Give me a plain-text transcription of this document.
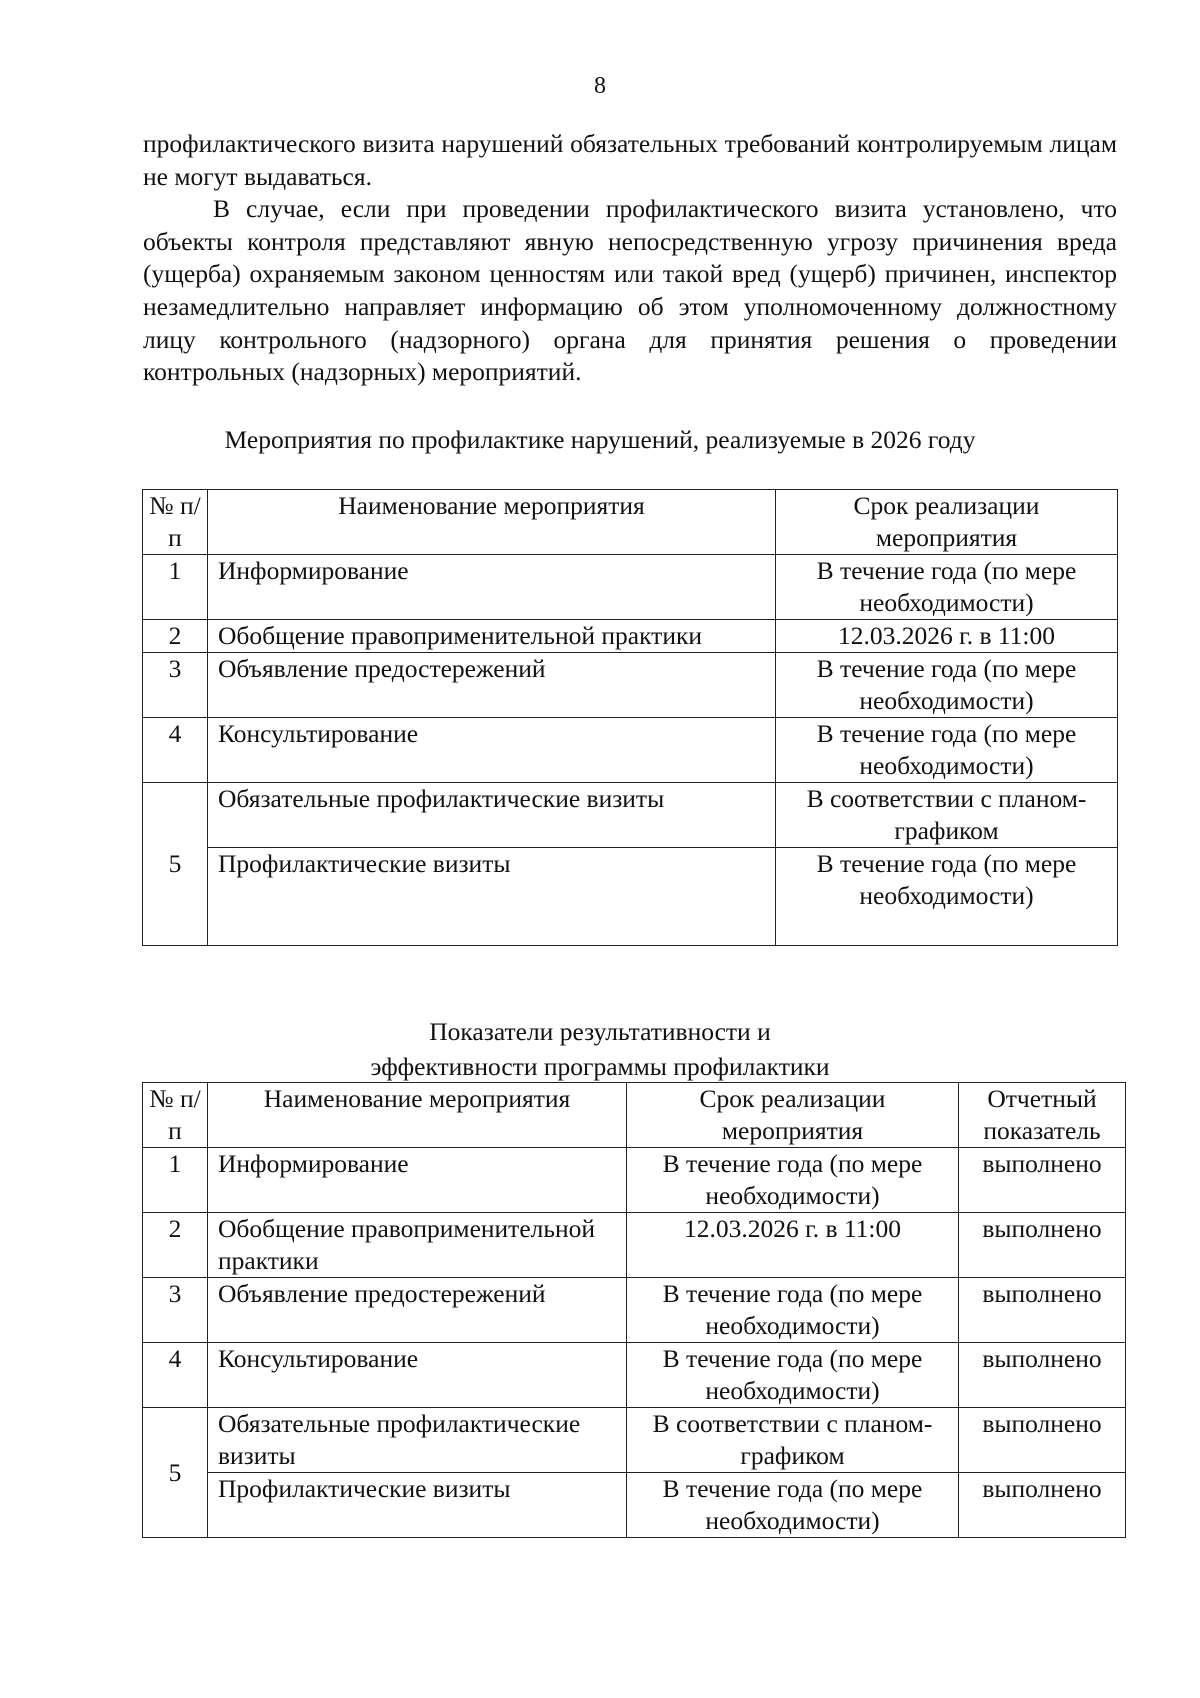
8

профилактического визита нарушений обязательных требований контролируемым лицам не могут выдаваться.

В случае, если при проведении профилактического визита установлено, что объекты контроля представляют явную непосредственную угрозу причинения вреда (ущерба) охраняемым законом ценностям или такой вред (ущерб) причинен, инспектор незамедлительно направляет информацию об этом уполномоченному должностному лицу контрольного (надзорного) органа для принятия решения о проведении контрольных (надзорных) мероприятий.

Мероприятия по профилактике нарушений, реализуемые в 2026 году
№ п/п	Наименование мероприятия	Срок реализации мероприятия
1	Информирование	В течение года (по мере необходимости)
2	Обобщение правоприменительной практики	12.03.2026 г. в 11:00
3	Объявление предостережений	В течение года (по мере необходимости)
4	Консультирование	В течение года (по мере необходимости)
5	Обязательные профилактические визиты	В соответствии с планом-графиком
	Профилактические визиты	В течение года (по мере необходимости)
Показатели результативности и
эффективности программы профилактики
№ п/п	Наименование мероприятия	Срок реализации мероприятия	Отчетный показатель
1	Информирование	В течение года (по мере необходимости)	выполнено
2	Обобщение правоприменительной практики	12.03.2026 г. в 11:00	выполнено
3	Объявление предостережений	В течение года (по мере необходимости)	выполнено
4	Консультирование	В течение года (по мере необходимости)	выполнено
5	Обязательные профилактические визиты	В соответствии с планом-графиком	выполнено
	Профилактические визиты	В течение года (по мере необходимости)	выполнено
